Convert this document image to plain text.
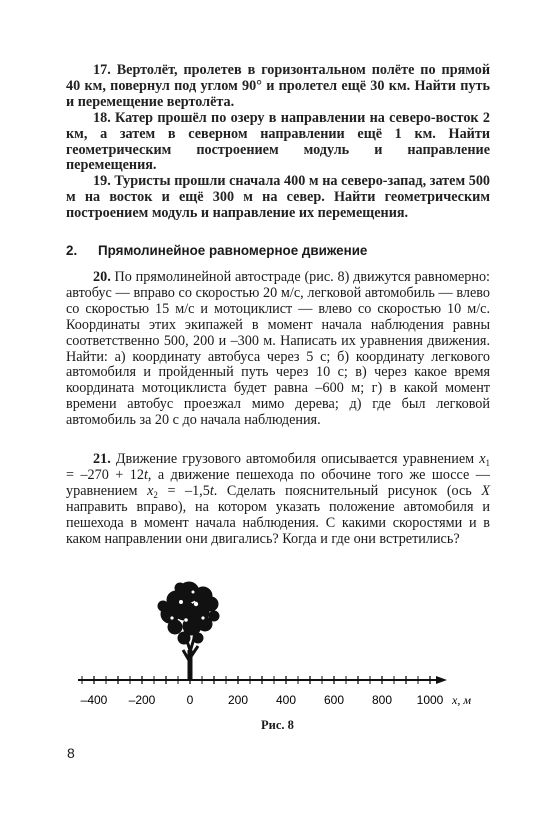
17. Вертолёт, пролетев в горизонтальном полёте по прямой 40 км, повернул под углом 90° и пролетел ещё 30 км. Найти путь и перемещение вертолёта.

18. Катер прошёл по озеру в направлении на северо-восток 2 км, а затем в северном направлении ещё 1 км. Найти геометрическим построением модуль и направление перемещения.

19. Туристы прошли сначала 400 м на северо-запад, затем 500 м на восток и ещё 300 м на север. Найти геометрическим построением модуль и направление их перемещения.

2. Прямолинейное равномерное движение

20. По прямолинейной автостраде (рис. 8) движутся равномерно: автобус — вправо со скоростью 20 м/с, легковой автомобиль — влево со скоростью 15 м/с и мотоциклист — влево со скоростью 10 м/с. Координаты этих экипажей в момент начала наблюдения равны соответственно 500, 200 и –300 м. Написать их уравнения движения. Найти: а) координату автобуса через 5 с; б) координату легкового автомобиля и пройденный путь через 10 с; в) через какое время координата мотоциклиста будет равна –600 м; г) в какой момент времени автобус проезжал мимо дерева; д) где был легковой автомобиль за 20 с до начала наблюдения.

21. Движение грузового автомобиля описывается уравнением $x_1 = -270 + 12t$, а движение пешехода по обочине того же шоссе — уравнением $x_2 = -1,5t$. Сделать пояснительный рисунок (ось X направить вправо), на котором указать положение автомобиля и пешехода в момент начала наблюдения. С какими скоростями и в каком направлении они двигались? Когда и где они встретились?

–400 –200	0	200 400 600 800 1000 x, м
Рис. 8
8
